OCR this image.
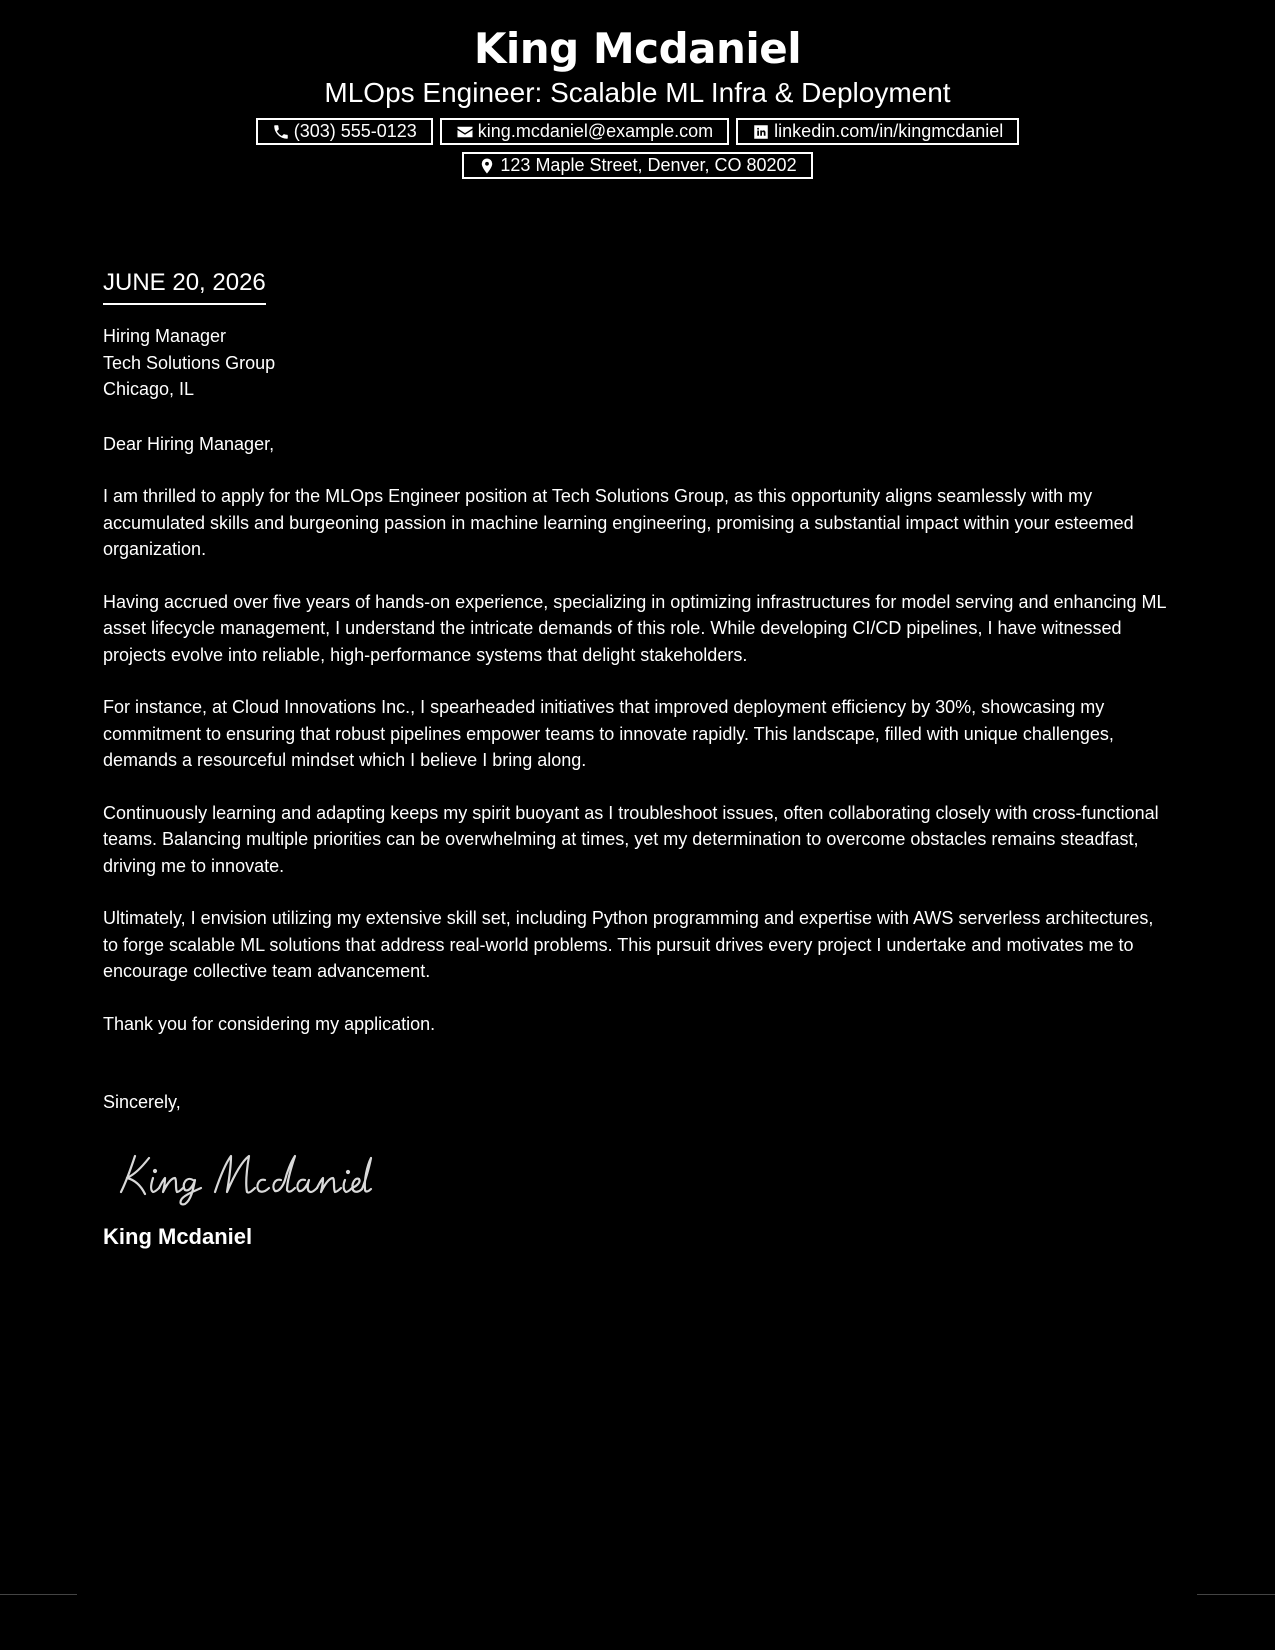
King Mcdaniel
MLOps Engineer: Scalable ML Infra & Deployment
(303) 555-0123	king.mcdaniel@example.com	linkedin.com/in/kingmcdaniel
123 Maple Street, Denver, CO 80202
JUNE 20, 2026
Hiring Manager
Tech Solutions Group
Chicago, IL
Dear Hiring Manager,
I am thrilled to apply for the MLOps Engineer position at Tech Solutions Group, as this opportunity aligns seamlessly with my accumulated skills and burgeoning passion in machine learning engineering, promising a substantial impact within your esteemed organization.
Having accrued over five years of hands-on experience, specializing in optimizing infrastructures for model serving and enhancing ML asset lifecycle management, I understand the intricate demands of this role. While developing CI/CD pipelines, I have witnessed projects evolve into reliable, high-performance systems that delight stakeholders.
For instance, at Cloud Innovations Inc., I spearheaded initiatives that improved deployment efficiency by 30%, showcasing my commitment to ensuring that robust pipelines empower teams to innovate rapidly. This landscape, filled with unique challenges, demands a resourceful mindset which I believe I bring along.
Continuously learning and adapting keeps my spirit buoyant as I troubleshoot issues, often collaborating closely with cross-functional teams. Balancing multiple priorities can be overwhelming at times, yet my determination to overcome obstacles remains steadfast, driving me to innovate.
Ultimately, I envision utilizing my extensive skill set, including Python programming and expertise with AWS serverless architectures, to forge scalable ML solutions that address real-world problems. This pursuit drives every project I undertake and motivates me to encourage collective team advancement.
Thank you for considering my application.
Sincerely,
King Mcdaniel
